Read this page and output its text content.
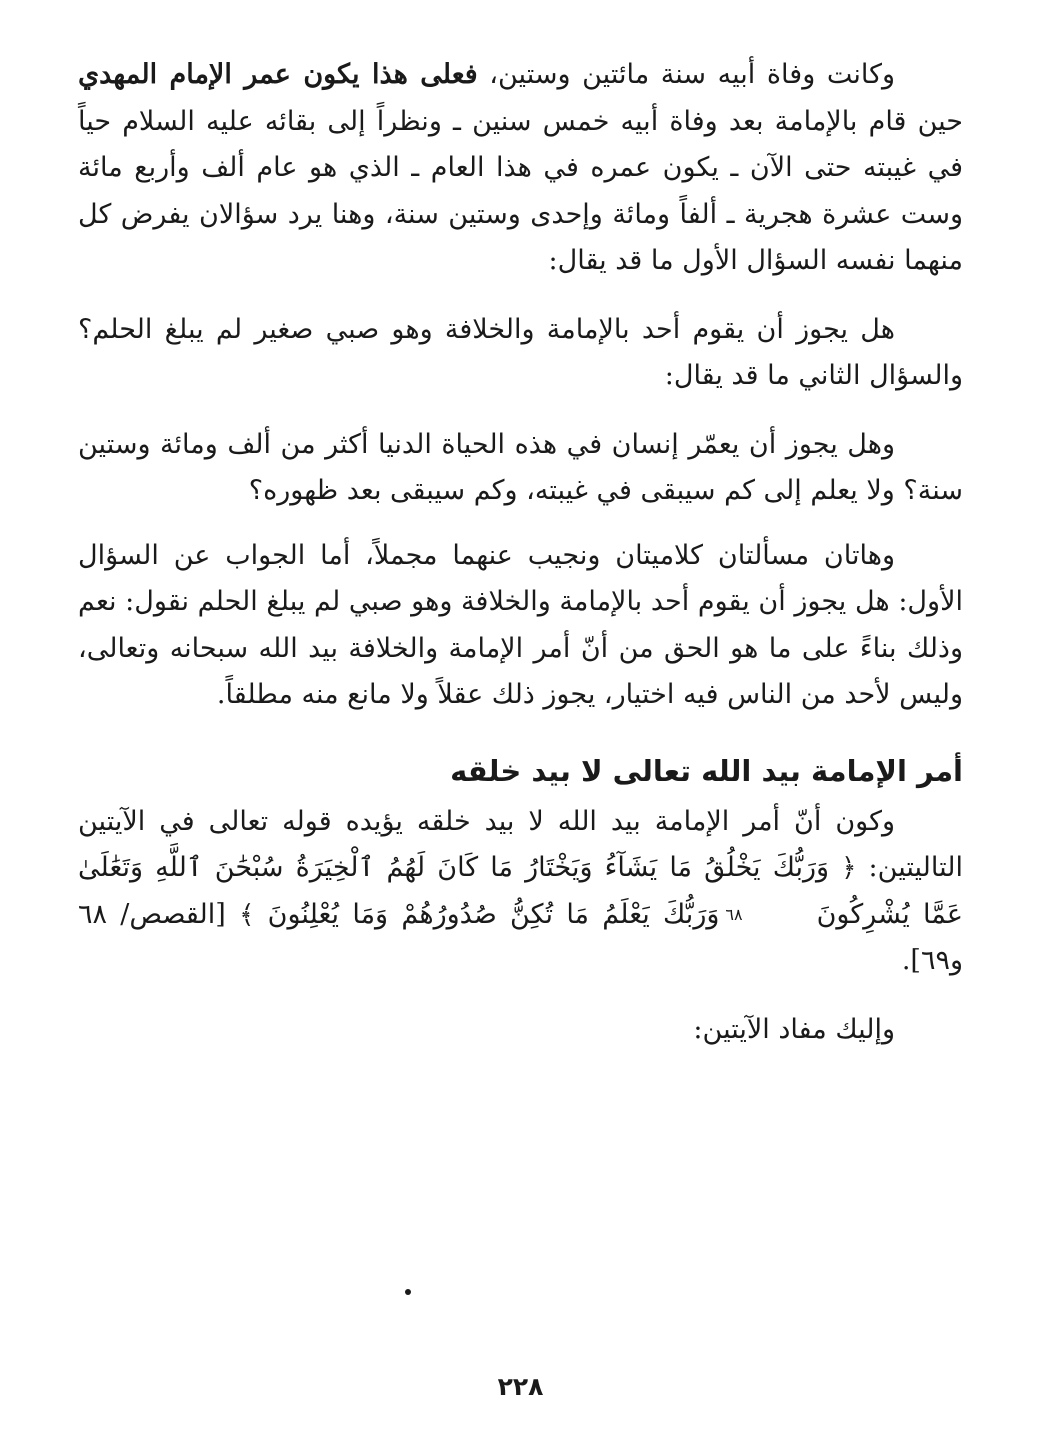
وكانت وفاة أبيه سنة مائتين وستين، فعلى هذا يكون عمر الإمام المهدي حين قام بالإمامة بعد وفاة أبيه خمس سنين ـ ونظراً إلى بقائه عليه السلام حياً في غيبته حتى الآن ـ يكون عمره في هذا العام ـ الذي هو عام ألف وأربع مائة وست عشرة هجرية ـ ألفاً ومائة وإحدى وستين سنة، وهنا يرد سؤالان يفرض كل منهما نفسه السؤال الأول ما قد يقال:

هل يجوز أن يقوم أحد بالإمامة والخلافة وهو صبي صغير لم يبلغ الحلم؟ والسؤال الثاني ما قد يقال:

وهل يجوز أن يعمّر إنسان في هذه الحياة الدنيا أكثر من ألف ومائة وستين سنة؟ ولا يعلم إلى كم سيبقى في غيبته، وكم سيبقى بعد ظهوره؟

وهاتان مسألتان كلاميتان ونجيب عنهما مجملاً، أما الجواب عن السؤال الأول: هل يجوز أن يقوم أحد بالإمامة والخلافة وهو صبي لم يبلغ الحلم نقول: نعم وذلك بناءً على ما هو الحق من أنّ أمر الإمامة والخلافة بيد الله سبحانه وتعالى، وليس لأحد من الناس فيه اختيار، يجوز ذلك عقلاً ولا مانع منه مطلقاً.

أمر الإمامة بيد الله تعالى لا بيد خلقه

وكون أنّ أمر الإمامة بيد الله لا بيد خلقه يؤيده قوله تعالى في الآيتين التاليتين: ﴿ وَرَبُّكَ يَخْلُقُ مَا يَشَآءُ وَيَخْتَارُ مَا كَانَ لَهُمُ ٱلْخِيَرَةُ سُبْحَٰنَ ٱللَّهِ وَتَعَٰلَىٰ عَمَّا يُشْرِكُونَ٦٨وَرَبُّكَ يَعْلَمُ مَا تُكِنُّ صُدُورُهُمْ وَمَا يُعْلِنُونَ ﴾ [القصص/ ٦٨ و٦٩].

وإليك مفاد الآيتين:

٢٢٨
